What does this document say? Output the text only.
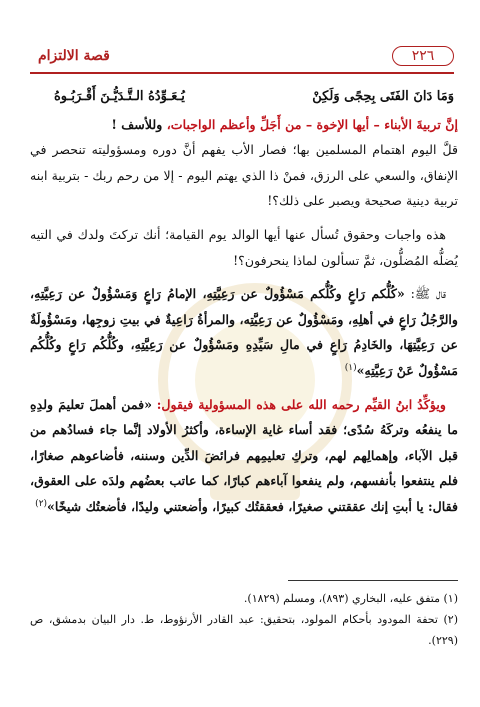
٢٢٦
قصة الالتزام
وَمَا دَانَ الفَتَى بِحِجًى وَلَكِنْ
يُـعَـوِّدُهُ الـتَّـدَيُّـنَ أَقْـرَبُـوهُ

إنَّ تربيةَ الأبناء – أيها الإخوة – من أَجَلِّ وأعظم الواجبات، وللأسف !

قلَّ اليوم اهتمام المسلمين بها؛ فصار الأب يفهم أنَّ دوره ومسؤوليته تنحصر في الإنفاق، والسعي على الرزق، فمنْ ذا الذي يهتم اليوم - إلا من رحم ربك - بتربية ابنه تربية دينية صحيحة ويصبر على ذلك؟!

هذه واجبات وحقوق تُسأل عنها أيها الوالد يوم القيامة؛ أنك تركتَ ولدك في التيه يُضلُّه المُضلُّون، ثمَّ تسألون لماذا ينحرفون؟!

قال ﷺ: «كُلُّكم رَاعٍ وكُلُّكم مَسْؤُولٌ عن رَعِيَّتِهِ، الإمامُ رَاعٍ وَمَسْؤُولٌ عن رَعِيَّتِهِ، والرَّجُلُ رَاعٍ في أهلِهِ، ومَسْؤُولٌ عن رَعِيَّتِه، والمرأةُ رَاعِيةٌ في بيتِ زوجِها، ومَسْؤُولَةٌ عن رَعِيَّتِهَا، والخَادِمُ رَاعٍ في مالِ سَيِّدِهِ ومَسْؤُولٌ عن رَعِيَّتِهِ، وكُلُّكُم رَاعٍ وكُلُّكُم مَسْؤُولٌ عَنْ رَعِيَّتِهِ»$^{(١)}$

ويؤكِّدُ ابنُ القيِّم رحمه الله على هذه المسؤولية فيقول: «فمن أهملَ تعليمَ ولدِهِ ما ينفعُه وتركَهُ سُدًى؛ فقد أساء غاية الإساءة، وأكثرُ الأولاد إنَّما جاء فسادُهم من قبل الآباء، وإهمالِهم لهم، وتركِ تعليمِهم فرائضَ الدِّين وسننه، فأضاعوهم صغارًا، فلم ينتفعوا بأنفسهم، ولم ينفعوا آباءهم كبارًا، كما عاتب بعضُهم ولدَه على العقوق، فقال: يا أبتِ إنك عققتني صغيرًا، فعققتُك كبيرًا، وأضعتني وليدًا، فأضعتُك شيخًا»$^{(٢)}$

(١) متفق عليه، البخاري (٨٩٣)، ومسلم (١٨٢٩).

(٢) تحفة المودود بأحكام المولود، بتحقيق: عبد القادر الأرنؤوط، ط. دار البيان بدمشق، ص (٢٢٩).
